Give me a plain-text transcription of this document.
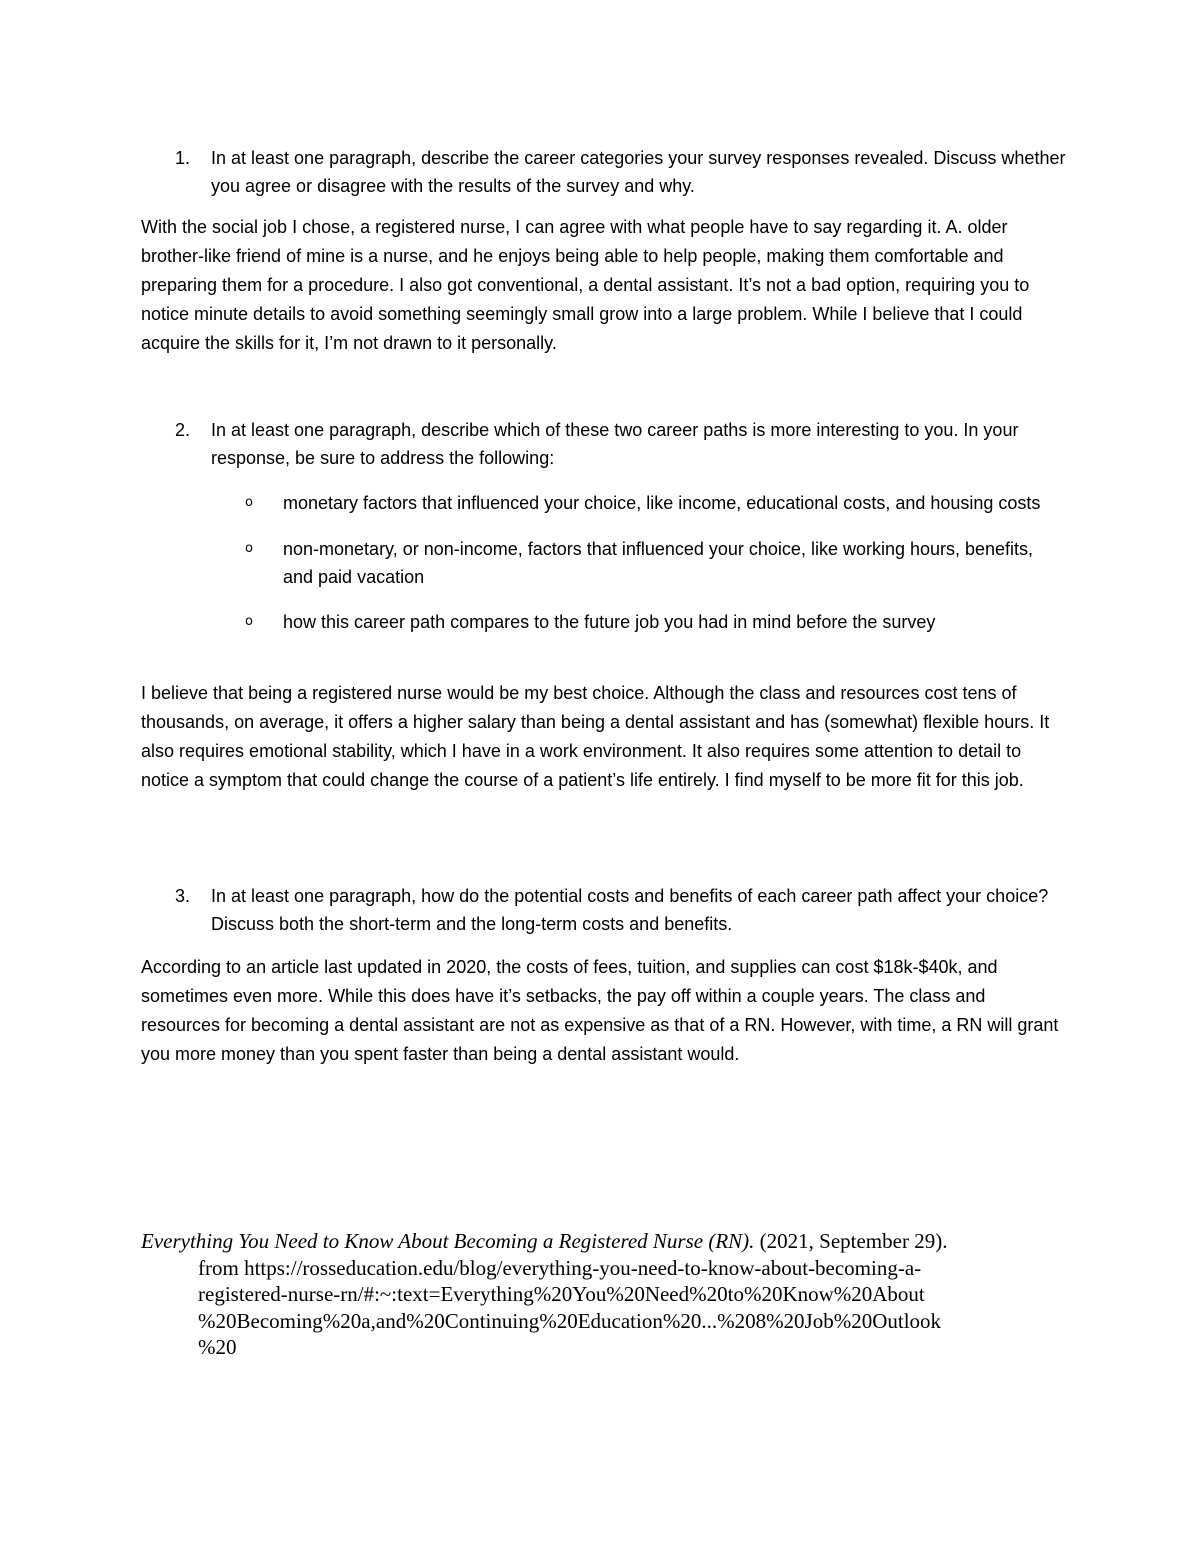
1.	In at least one paragraph, describe the career categories your survey responses revealed. Discuss whether you agree or disagree with the results of the survey and why.

With the social job I chose, a registered nurse, I can agree with what people have to say regarding it. A. older brother-like friend of mine is a nurse, and he enjoys being able to help people, making them comfortable and preparing them for a procedure. I also got conventional, a dental assistant. It’s not a bad option, requiring you to notice minute details to avoid something seemingly small grow into a large problem. While I believe that I could acquire the skills for it, I’m not drawn to it personally.

2.	In at least one paragraph, describe which of these two career paths is more interesting to you. In your response, be sure to address the following:
o monetary factors that influenced your choice, like income, educational costs, and housing costs
o non-monetary, or non-income, factors that influenced your choice, like working hours, benefits, and paid vacation
o how this career path compares to the future job you had in mind before the survey

I believe that being a registered nurse would be my best choice. Although the class and resources cost tens of thousands, on average, it offers a higher salary than being a dental assistant and has (somewhat) flexible hours. It also requires emotional stability, which I have in a work environment. It also requires some attention to detail to notice a symptom that could change the course of a patient’s life entirely. I find myself to be more fit for this job.

3.	In at least one paragraph, how do the potential costs and benefits of each career path affect your choice? Discuss both the short-term and the long-term costs and benefits.

According to an article last updated in 2020, the costs of fees, tuition, and supplies can cost $18k-$40k, and sometimes even more. While this does have it’s setbacks, the pay off within a couple years. The class and resources for becoming a dental assistant are not as expensive as that of a RN. However, with time, a RN will grant you more money than you spent faster than being a dental assistant would.

Everything You Need to Know About Becoming a Registered Nurse (RN). (2021, September 29).

from https://rosseducation.edu/blog/everything-you-need-to-know-about-becoming-a-
registered-nurse-rn/#:~:text=Everything%20You%20Need%20to%20Know%20About
%20Becoming%20a,and%20Continuing%20Education%20...%208%20Job%20Outlook
%20
